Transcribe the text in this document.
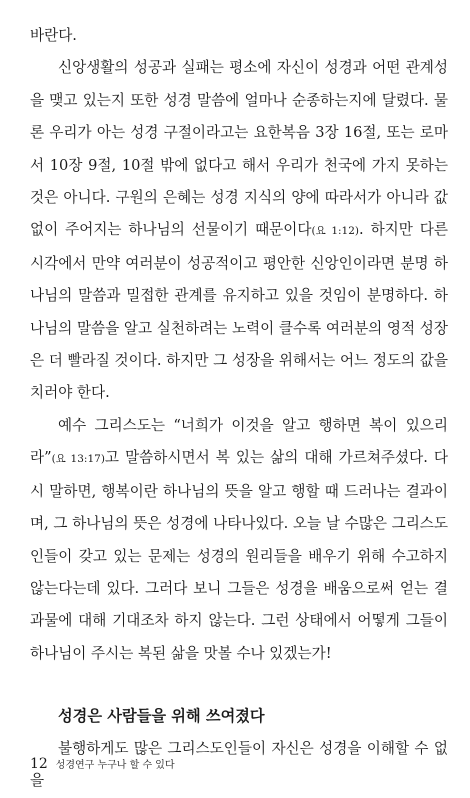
바란다.

신앙생활의 성공과 실패는 평소에 자신이 성경과 어떤 관계성을 맺고 있는지 또한 성경 말씀에 얼마나 순종하는지에 달렸다. 물론 우리가 아는 성경 구절이라고는 요한복음 3장 16절, 또는 로마서 10장 9절, 10절 밖에 없다고 해서 우리가 천국에 가지 못하는 것은 아니다. 구원의 은혜는 성경 지식의 양에 따라서가 아니라 값없이 주어지는 하나님의 선물이기 때문이다(요 1:12). 하지만 다른 시각에서 만약 여러분이 성공적이고 평안한 신앙인이라면 분명 하나님의 말씀과 밀접한 관계를 유지하고 있을 것임이 분명하다. 하나님의 말씀을 알고 실천하려는 노력이 클수록 여러분의 영적 성장은 더 빨라질 것이다. 하지만 그 성장을 위해서는 어느 정도의 값을 치러야 한다.

예수 그리스도는 “너희가 이것을 알고 행하면 복이 있으리라”(요 13:17)고 말씀하시면서 복 있는 삶의 대해 가르쳐주셨다. 다시 말하면, 행복이란 하나님의 뜻을 알고 행할 때 드러나는 결과이며, 그 하나님의 뜻은 성경에 나타나있다. 오늘 날 수많은 그리스도인들이 갖고 있는 문제는 성경의 원리들을 배우기 위해 수고하지 않는다는데 있다. 그러다 보니 그들은 성경을 배움으로써 얻는 결과물에 대해 기대조차 하지 않는다. 그런 상태에서 어떻게 그들이 하나님이 주시는 복된 삶을 맛볼 수나 있겠는가!

성경은 사람들을 위해 쓰여졌다

불행하게도 많은 그리스도인들이 자신은 성경을 이해할 수 없을

12 성경연구 누구나 할 수 있다
